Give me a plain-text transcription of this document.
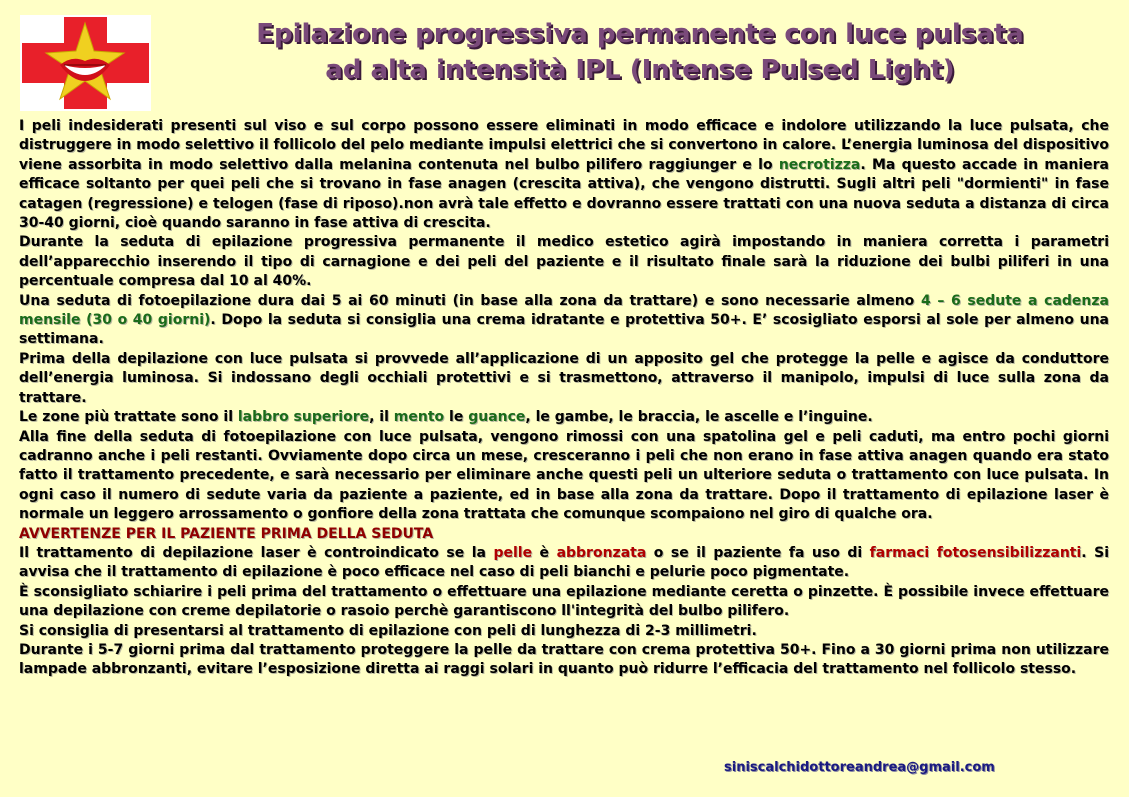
Epilazione progressiva permanente con luce pulsata
ad alta intensità IPL (Intense Pulsed Light)

I peli indesiderati presenti sul viso e sul corpo possono essere eliminati in modo efficace e indolore utilizzando la luce pulsata, che distruggere in modo selettivo il follicolo del pelo mediante impulsi elettrici che si convertono in calore. L’energia luminosa del dispositivo viene assorbita in modo selettivo dalla melanina contenuta nel bulbo pilifero raggiunger e lo necrotizza. Ma questo accade in maniera efficace soltanto per quei peli che si trovano in fase anagen (crescita attiva), che vengono distrutti. Sugli altri peli "dormienti" in fase catagen (regressione) e telogen (fase di riposo).non avrà tale effetto e dovranno essere trattati con una nuova seduta a distanza di circa 30-40 giorni, cioè quando saranno in fase attiva di crescita.

Durante la seduta di epilazione progressiva permanente il medico estetico agirà impostando in maniera corretta i parametri dell’apparecchio inserendo il tipo di carnagione e dei peli del paziente e il risultato finale sarà la riduzione dei bulbi piliferi in una percentuale compresa dal 10 al 40%.

Una seduta di fotoepilazione dura dai 5 ai 60 minuti (in base alla zona da trattare) e sono necessarie almeno 4 – 6 sedute a cadenza mensile (30 o 40 giorni). Dopo la seduta si consiglia una crema idratante e protettiva 50+. E’ scosigliato esporsi al sole per almeno una settimana.

Prima della depilazione con luce pulsata si provvede all’applicazione di un apposito gel che protegge la pelle e agisce da conduttore dell’energia luminosa. Si indossano degli occhiali protettivi e si trasmettono, attraverso il manipolo, impulsi di luce sulla zona da trattare.

Le zone più trattate sono il labbro superiore, il mento le guance, le gambe, le braccia, le ascelle e l’inguine.

Alla fine della seduta di fotoepilazione con luce pulsata, vengono rimossi con una spatolina gel e peli caduti, ma entro pochi giorni cadranno anche i peli restanti. Ovviamente dopo circa un mese, cresceranno i peli che non erano in fase attiva anagen quando era stato fatto il trattamento precedente, e sarà necessario per eliminare anche questi peli un ulteriore seduta o trattamento con luce pulsata. In ogni caso il numero di sedute varia da paziente a paziente, ed in base alla zona da trattare. Dopo il trattamento di epilazione laser è normale un leggero arrossamento o gonfiore della zona trattata che comunque scompaiono nel giro di qualche ora.

AVVERTENZE PER IL PAZIENTE PRIMA DELLA SEDUTA

Il trattamento di depilazione laser è controindicato se la pelle è abbronzata o se il paziente fa uso di farmaci fotosensibilizzanti. Si avvisa che il trattamento di epilazione è poco efficace nel caso di peli bianchi e pelurie poco pigmentate.

È sconsigliato schiarire i peli prima del trattamento o effettuare una epilazione mediante ceretta o pinzette. È possibile invece effettuare una depilazione con creme depilatorie o rasoio perchè garantiscono ll'integrità del bulbo pilifero.

Si consiglia di presentarsi al trattamento di epilazione con peli di lunghezza di 2-3 millimetri.

Durante i 5-7 giorni prima dal trattamento proteggere la pelle da trattare con crema protettiva 50+. Fino a 30 giorni prima non utilizzare lampade abbronzanti, evitare l’esposizione diretta ai raggi solari in quanto può ridurre l’efficacia del trattamento nel follicolo stesso.

siniscalchidottoreandrea@gmail.com
